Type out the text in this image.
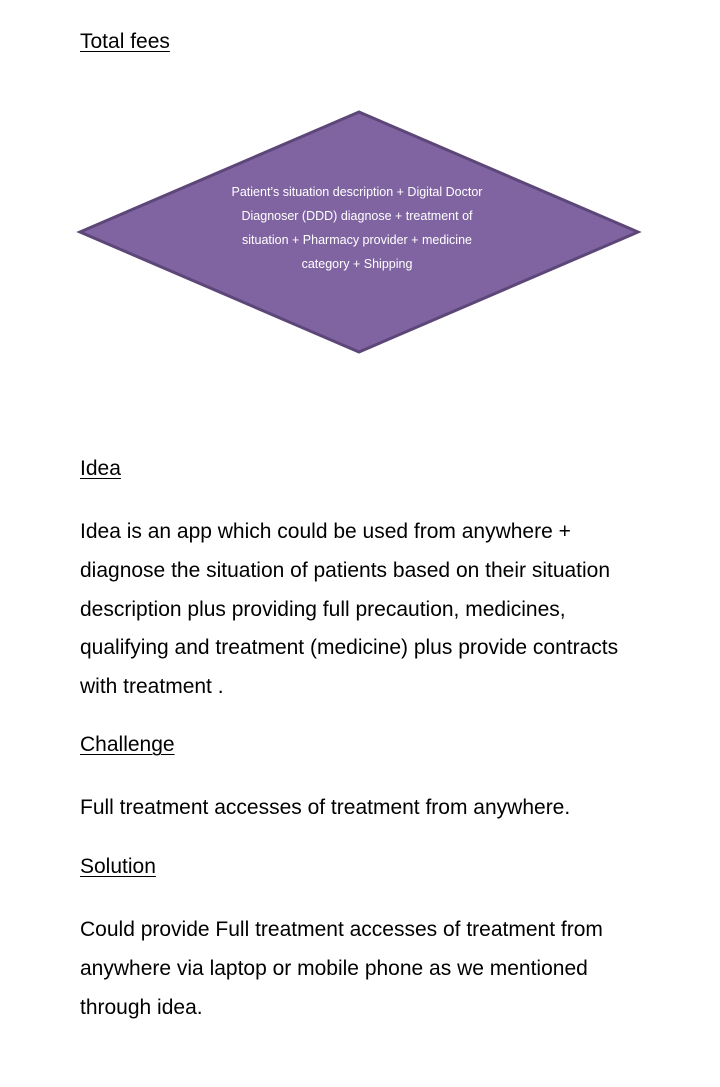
Total fees

Patient’s situation description + Digital Doctor Diagnoser (DDD) diagnose + treatment of situation + Pharmacy provider + medicine category + Shipping

Idea

Idea is an app which could be used from anywhere + diagnose the situation of patients based on their situation description plus providing full precaution, medicines, qualifying and treatment (medicine) plus provide contracts with treatment .

Challenge

Full treatment accesses of treatment from anywhere.

Solution

Could provide Full treatment accesses of treatment from anywhere via laptop or mobile phone as we mentioned through idea.
